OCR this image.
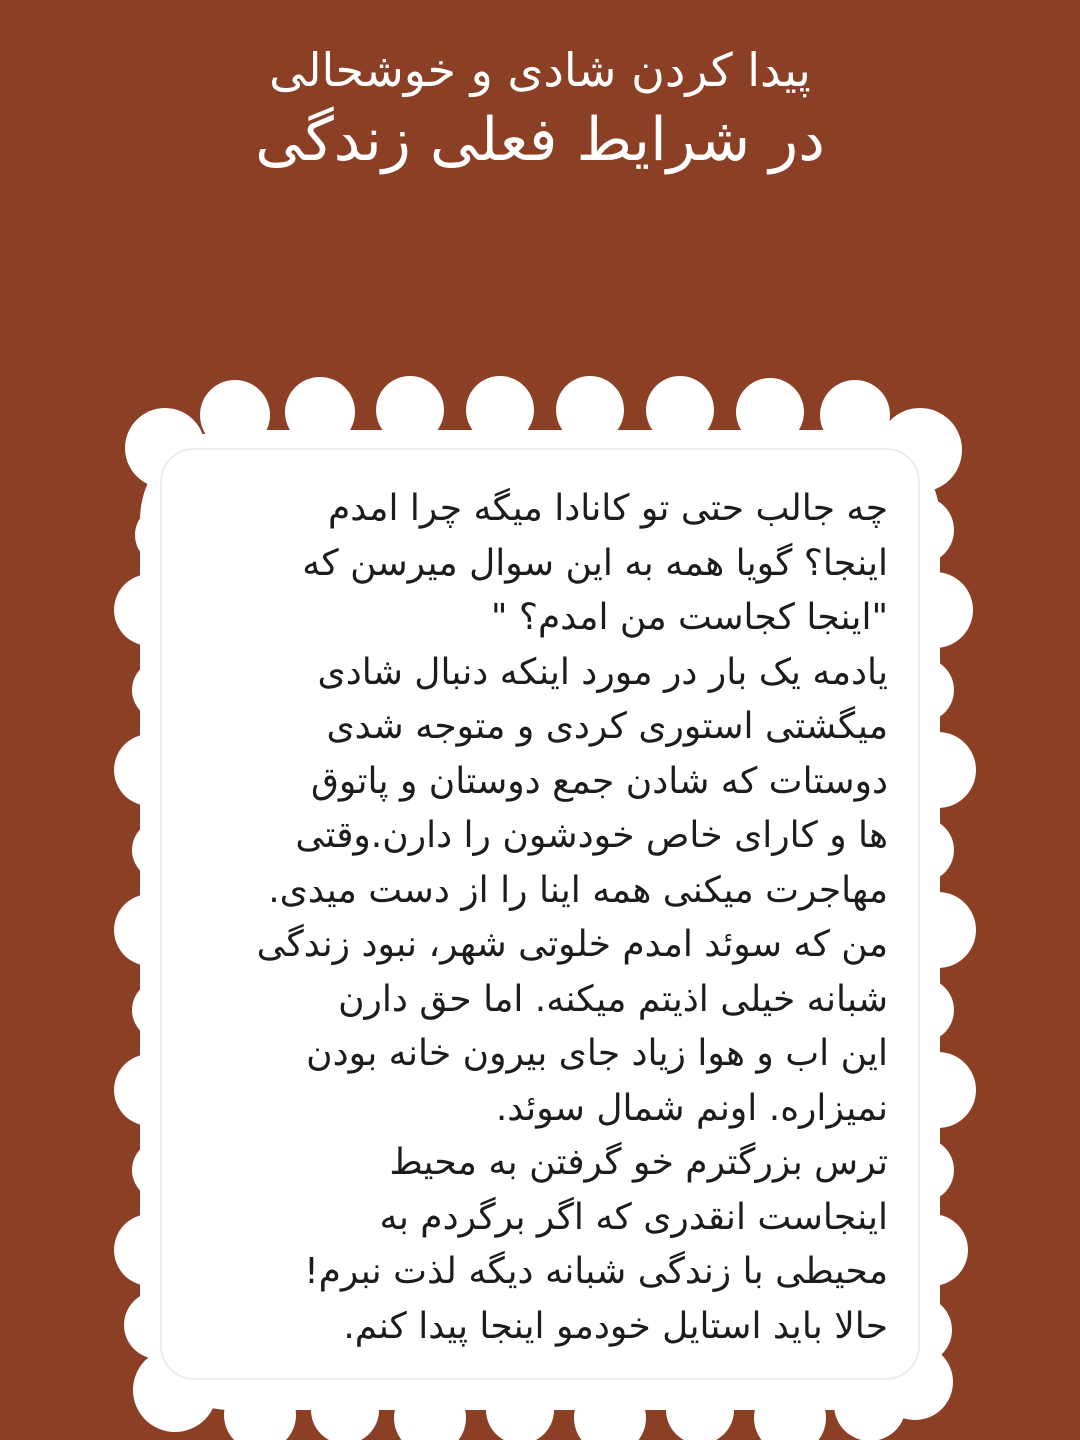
پیدا کردن شادی و خوشحالی
در شرایط فعلی زندگی
چه جالب حتی تو کانادا میگه چرا امدم
اینجا؟ گویا همه به این سوال میرسن که
"اینجا کجاست من امدم؟ "
یادمه یک بار در مورد اینکه دنبال شادی
میگشتی استوری کردی و متوجه شدی
دوستات که شادن جمع دوستان و پاتوق
ها و کارای خاص خودشون را دارن.وقتی
مهاجرت میکنی همه اینا را از دست میدی.
من که سوئد امدم خلوتی شهر، نبود زندگی
شبانه خیلی اذیتم میکنه. اما حق دارن
این اب و هوا زیاد جای بیرون خانه بودن
نمیزاره. اونم شمال سوئد.
ترس بزرگترم خو گرفتن به محیط
اینجاست انقدری که اگر برگردم به
محیطی با زندگی شبانه دیگه لذت نبرم!
حالا باید استایل خودمو اینجا پیدا کنم.
